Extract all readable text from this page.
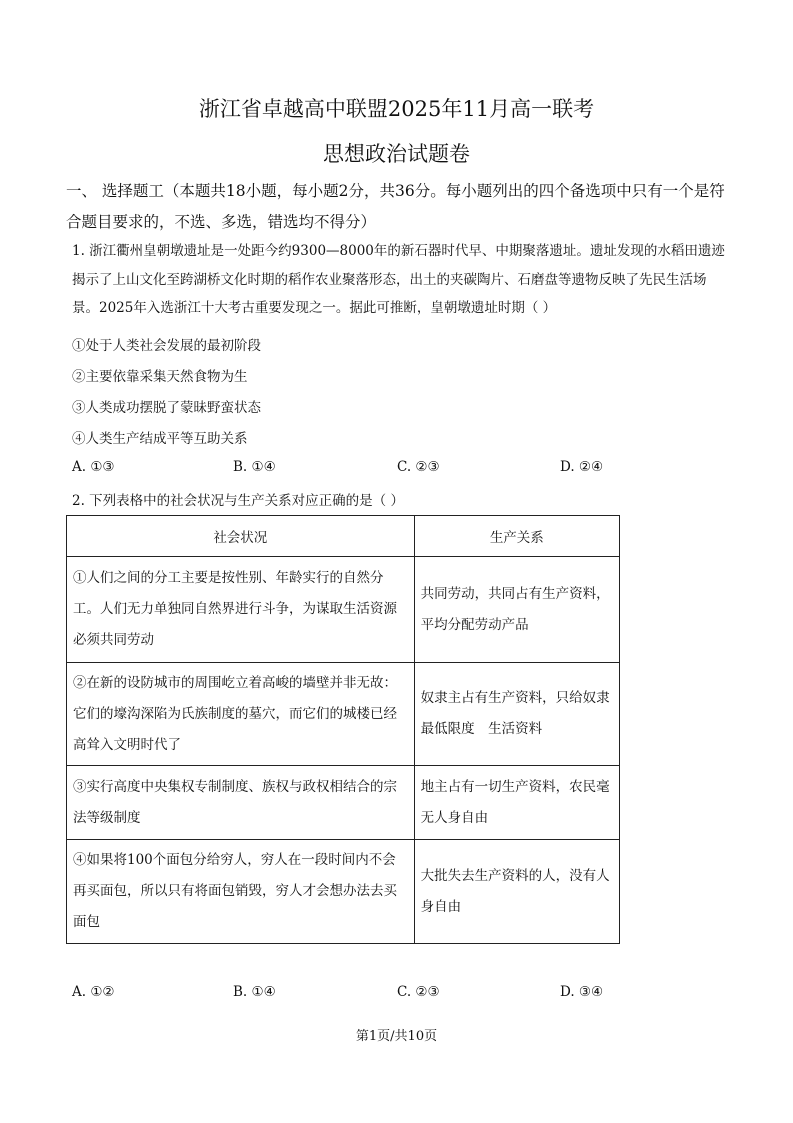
浙江省卓越高中联盟2025年11月高一联考
思想政治试题卷
一、 选择题工（本题共18小题，每小题2分，共36分。每小题列出的四个备选项中只有一个是符合题目要求的，不选、多选，错选均不得分）
1. 浙江衢州皇朝墩遗址是一处距今约9300—8000年的新石器时代早、中期聚落遗址。遗址发现的水稻田遗迹揭示了上山文化至跨湖桥文化时期的稻作农业聚落形态，出土的夹碳陶片、石磨盘等遗物反映了先民生活场景。2025年入选浙江十大考古重要发现之一。据此可推断，皇朝墩遗址时期（ ）
①处于人类社会发展的最初阶段
②主要依靠采集天然食物为生
③人类成功摆脱了蒙昧野蛮状态
④人类生产结成平等互助关系
A. ①③	B. ①④	C. ②③	D. ②④
2. 下列表格中的社会状况与生产关系对应正确的是（ ）
社会状况	生产关系
①人们之间的分工主要是按性别、年龄实行的自然分工。人们无力单独同自然界进行斗争，为谋取生活资源必须共同劳动	共同劳动，共同占有生产资料，平均分配劳动产品
②在新的设防城市的周围屹立着高峻的墙壁并非无故：它们的壕沟深陷为氏族制度的墓穴，而它们的城楼已经高耸入文明时代了	奴隶主占有生产资料，只给奴隶最低限度　生活资料
③实行高度中央集权专制制度、族权与政权相结合的宗法等级制度	地主占有一切生产资料，农民毫无人身自由
④如果将100个面包分给穷人，穷人在一段时间内不会再买面包，所以只有将面包销毁，穷人才会想办法去买面包	大批失去生产资料的人，没有人身自由
A. ①②	B. ①④	C. ②③	D. ③④
第1页/共10页
